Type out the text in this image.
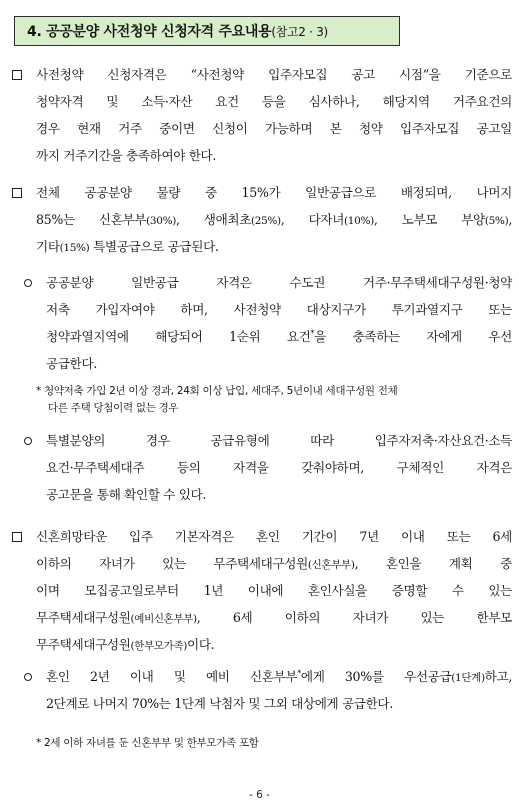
4. 공공분양 사전청약 신청자격 주요내용 (참고2 · 3)
사전청약 신청자격은 “사전청약 입주자모집 공고 시점”을 기준으로
청약자격 및 소득·자산 요건 등을 심사하나, 해당지역 거주요건의
경우 현재 거주 중이면 신청이 가능하며 본 청약 입주자모집 공고일
까지 거주기간을 충족하여야 한다.
전체 공공분양 물량 중 15%가 일반공급으로 배정되며, 나머지
85%는 신혼부부(30%), 생애최초(25%), 다자녀(10%), 노부모 부양(5%),
기타(15%) 특별공급으로 공급된다.
공공분양 일반공급 자격은 수도권 거주·무주택세대구성원·청약
저축 가입자여야 하며, 사전청약 대상지구가 투기과열지구 또는
청약과열지역에 해당되어 1순위 요건*을 충족하는 자에게 우선
공급한다.
* 청약저축 가입 2년 이상 경과, 24회 이상 납입, 세대주, 5년이내 세대구성원 전체
다른 주택 당첨이력 없는 경우
특별분양의 경우 공급유형에 따라 입주자저축·자산요건·소득
요건·무주택세대주 등의 자격을 갖춰야하며, 구체적인 자격은
공고문을 통해 확인할 수 있다.
신혼희망타운 입주 기본자격은 혼인 기간이 7년 이내 또는 6세
이하의 자녀가 있는 무주택세대구성원(신혼부부), 혼인을 계획 중
이며 모집공고일로부터 1년 이내에 혼인사실을 증명할 수 있는
무주택세대구성원(예비신혼부부), 6세 이하의 자녀가 있는 한부모
무주택세대구성원(한부모가족)이다.
혼인 2년 이내 및 예비 신혼부부*에게 30%를 우선공급(1단계)하고,
2단계로 나머지 70%는 1단계 낙첨자 및 그외 대상에게 공급한다.
* 2세 이하 자녀를 둔 신혼부부 및 한부모가족 포함
- 6 -
